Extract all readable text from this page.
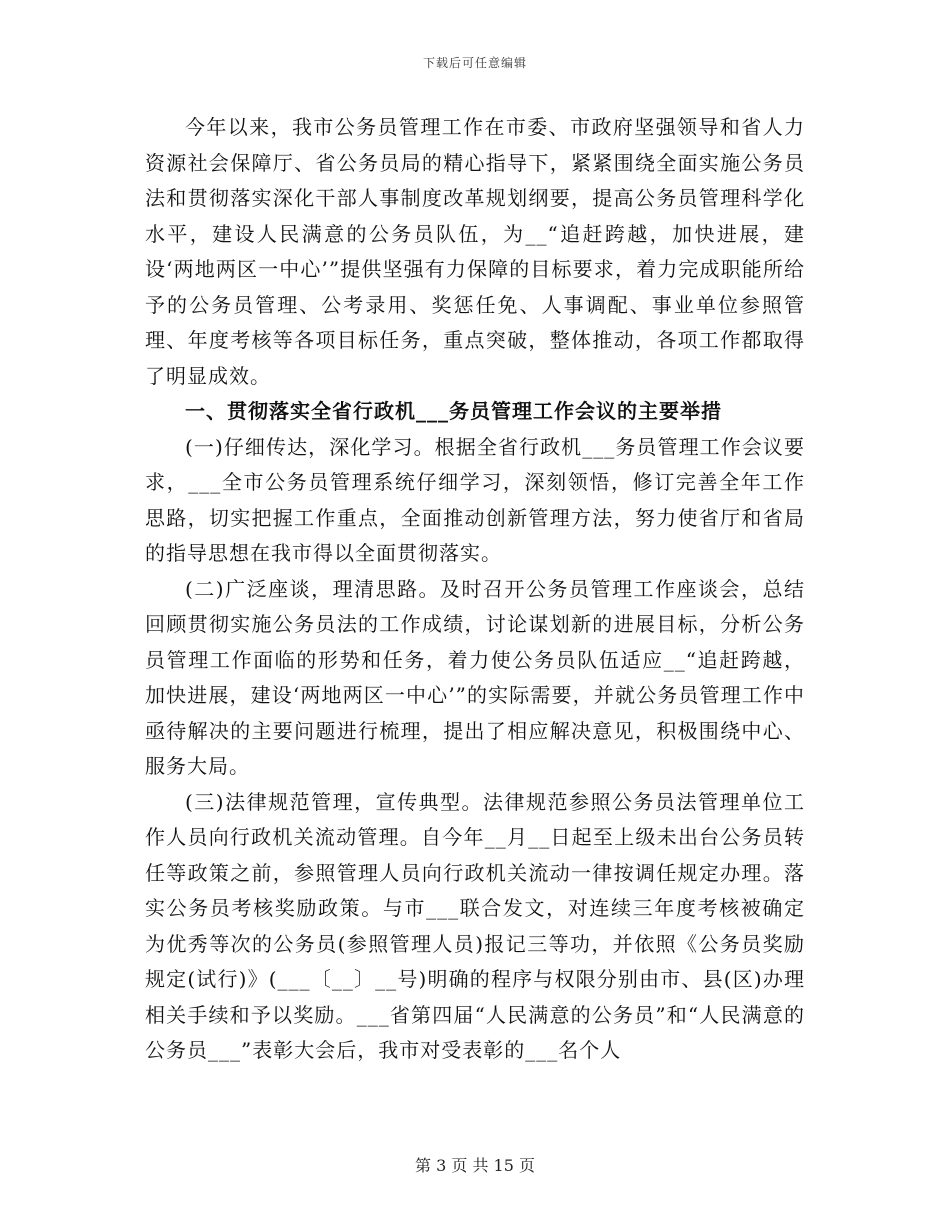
下载后可任意编辑

今年以来，我市公务员管理工作在市委、市政府坚强领导和省人力资源社会保障厅、省公务员局的精心指导下，紧紧围绕全面实施公务员法和贯彻落实深化干部人事制度改革规划纲要，提高公务员管理科学化水平，建设人民满意的公务员队伍，为__“追赶跨越，加快进展，建设‘两地两区一中心’”提供坚强有力保障的目标要求，着力完成职能所给予的公务员管理、公考录用、奖惩任免、人事调配、事业单位参照管理、年度考核等各项目标任务，重点突破，整体推动，各项工作都取得了明显成效。

一、贯彻落实全省行政机___务员管理工作会议的主要举措

(一)仔细传达，深化学习。根据全省行政机___务员管理工作会议要求，___全市公务员管理系统仔细学习，深刻领悟，修订完善全年工作思路，切实把握工作重点，全面推动创新管理方法，努力使省厅和省局的指导思想在我市得以全面贯彻落实。

(二)广泛座谈，理清思路。及时召开公务员管理工作座谈会，总结回顾贯彻实施公务员法的工作成绩，讨论谋划新的进展目标，分析公务员管理工作面临的形势和任务，着力使公务员队伍适应__“追赶跨越，加快进展，建设‘两地两区一中心’”的实际需要，并就公务员管理工作中亟待解决的主要问题进行梳理，提出了相应解决意见，积极围绕中心、服务大局。

(三)法律规范管理，宣传典型。法律规范参照公务员法管理单位工作人员向行政机关流动管理。自今年__月__日起至上级未出台公务员转任等政策之前，参照管理人员向行政机关流动一律按调任规定办理。落实公务员考核奖励政策。与市___联合发文，对连续三年度考核被确定为优秀等次的公务员(参照管理人员)报记三等功，并依照《公务员奖励规定(试行)》(___〔__〕__号)明确的程序与权限分别由市、县(区)办理相关手续和予以奖励。___省第四届“人民满意的公务员”和“人民满意的公务员___”表彰大会后，我市对受表彰的___名个人

第 3 页 共 15 页
